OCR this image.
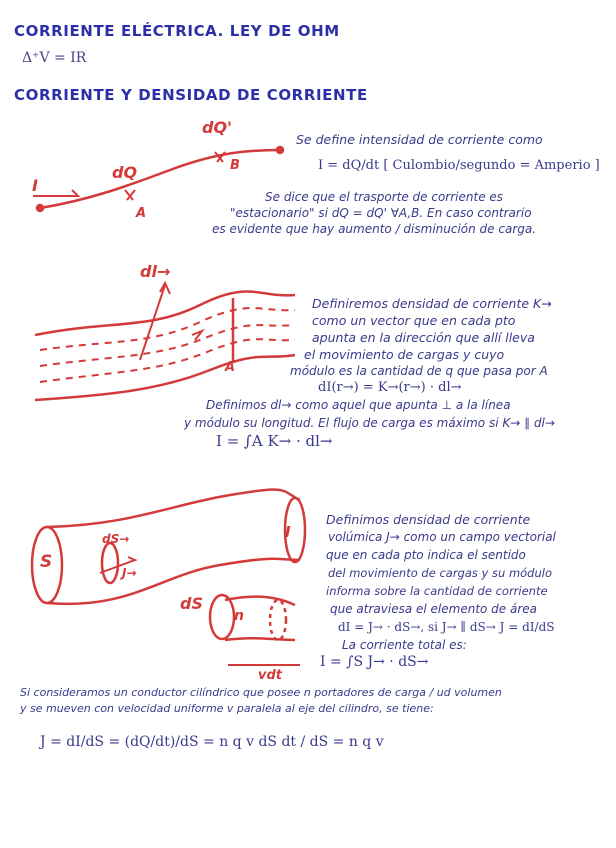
CORRIENTE ELÉCTRICA. LEY DE OHM
Δ⁺V = IR
CORRIENTE Y DENSIDAD DE CORRIENTE
dQ'
dQ
I
A
B
Se define intensidad de corriente como
I = dQ/dt [ Culombio/segundo = Amperio ]
Se dice que el trasporte de corriente es
"estacionario" si dQ = dQ' ∀A,B. En caso contrario
es evidente que hay aumento / disminución de carga.
dl→
A
Definiremos densidad de corriente K→
como un vector que en cada pto
apunta en la dirección que allí lleva
el movimiento de cargas y cuyo
módulo es la cantidad de q que pasa por A
dI(r→) = K→(r→) · dl→
Definimos dl→ como aquel que apunta ⊥ a la línea
y módulo su longitud. El flujo de carga es máximo si K→ ∥ dl→
I = ∫A K→ · dl→
S
I
dS→
J→
dS
n
vdt
Definimos densidad de corriente
volúmica J→ como un campo vectorial
que en cada pto indica el sentido
del movimiento de cargas y su módulo
informa sobre la cantidad de corriente
que atraviesa el elemento de área
dI = J→ · dS→, si J→ ∥ dS→ J = dI/dS
La corriente total es:
I = ∫S J→ · dS→
Si consideramos un conductor cilíndrico que posee n portadores de carga / ud volumen
y se mueven con velocidad uniforme v paralela al eje del cilindro, se tiene:
J = dI/dS = (dQ/dt)/dS = n q v dS dt / dS = n q v
